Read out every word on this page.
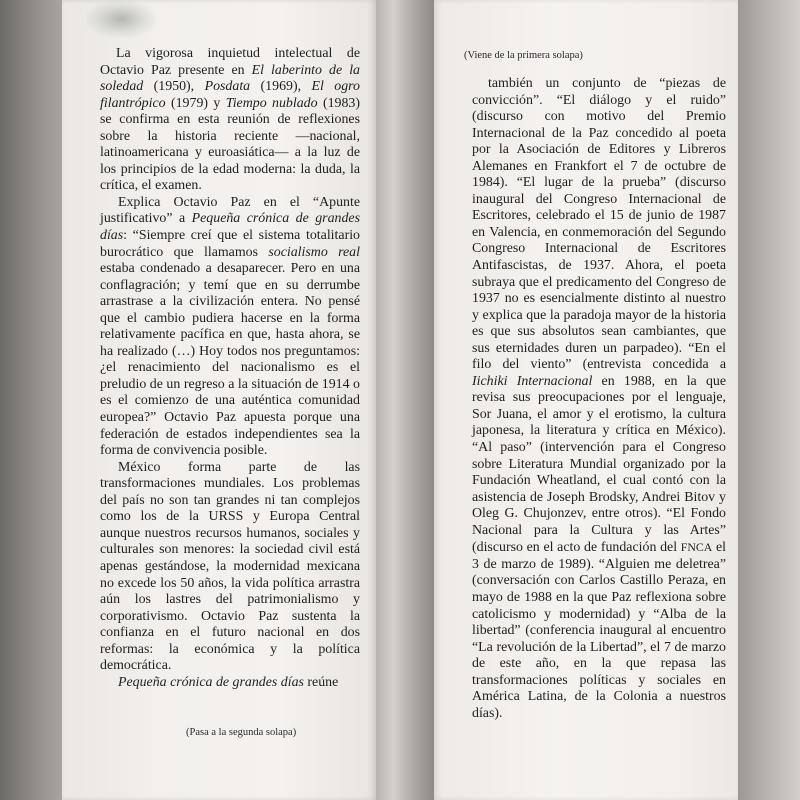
La vigorosa inquietud intelectual de Octavio Paz presente en El laberinto de la soledad (1950), Posdata (1969), El ogro filantrópico (1979) y Tiempo nublado (1983) se confirma en esta reunión de reflexiones sobre la historia reciente —nacional, latinoamericana y euroasiática— a la luz de los principios de la edad moderna: la duda, la crítica, el examen.

Explica Octavio Paz en el “Apunte justificativo” a Pequeña crónica de grandes días: “Siempre creí que el sistema totalitario burocrático que llamamos socialismo real estaba condenado a desaparecer. Pero en una conflagración; y temí que en su derrumbe arrastrase a la civilización entera. No pensé que el cambio pudiera hacerse en la forma relativamente pacífica en que, hasta ahora, se ha realizado (…) Hoy todos nos preguntamos: ¿el renacimiento del nacionalismo es el preludio de un regreso a la situación de 1914 o es el comienzo de una auténtica comunidad europea?” Octavio Paz apuesta porque una federación de estados independientes sea la forma de convivencia posible.

México forma parte de las transformaciones mundiales. Los problemas del país no son tan grandes ni tan complejos como los de la URSS y Europa Central aunque nuestros recursos humanos, sociales y culturales son menores: la sociedad civil está apenas gestándose, la modernidad mexicana no excede los 50 años, la vida política arrastra aún los lastres del patrimonialismo y corporativismo. Octavio Paz sustenta la confianza en el futuro nacional en dos reformas: la económica y la política democrática.

Pequeña crónica de grandes días reúne

(Pasa a la segunda solapa)
(Viene de la primera solapa)

también un conjunto de “piezas de convicción”. “El diálogo y el ruido” (discurso con motivo del Premio Internacional de la Paz concedido al poeta por la Asociación de Editores y Libreros Alemanes en Frankfort el 7 de octubre de 1984). “El lugar de la prueba” (discurso inaugural del Congreso Internacional de Escritores, celebrado el 15 de junio de 1987 en Valencia, en conmemoración del Segundo Congreso Internacional de Escritores Antifascistas, de 1937. Ahora, el poeta subraya que el predicamento del Congreso de 1937 no es esencialmente distinto al nuestro y explica que la paradoja mayor de la historia es que sus absolutos sean cambiantes, que sus eternidades duren un parpadeo). “En el filo del viento” (entrevista concedida a Iichiki Internacional en 1988, en la que revisa sus preocupaciones por el lenguaje, Sor Juana, el amor y el erotismo, la cultura japonesa, la literatura y crítica en México). “Al paso” (intervención para el Congreso sobre Literatura Mundial organizado por la Fundación Wheatland, el cual contó con la asistencia de Joseph Brodsky, Andrei Bitov y Oleg G. Chujonzev, entre otros). “El Fondo Nacional para la Cultura y las Artes” (discurso en el acto de fundación del FNCA el 3 de marzo de 1989). “Alguien me deletrea” (conversación con Carlos Castillo Peraza, en mayo de 1988 en la que Paz reflexiona sobre catolicismo y modernidad) y “Alba de la libertad” (conferencia inaugural al encuentro “La revolución de la Libertad”, el 7 de marzo de este año, en la que repasa las transformaciones políticas y sociales en América Latina, de la Colonia a nuestros días).
